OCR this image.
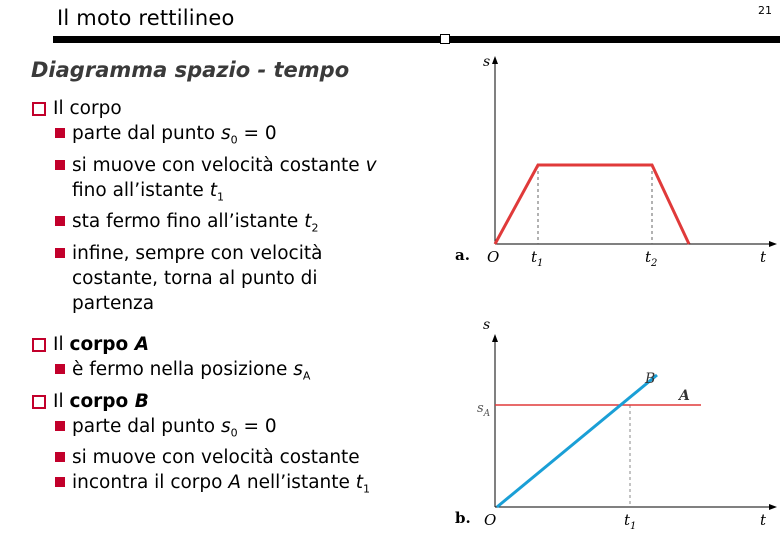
Il moto rettilineo	21
Diagramma spazio - tempo
Il corpo
parte dal punto $s_0 = 0$
si muove con velocità costante v
fino all’istante $t_1$
sta fermo fino all’istante $t_2$
infine, sempre con velocità
costante, torna al punto di
partenza
Il corpo A
è fermo nella posizione $s_A$
Il corpo B
parte dal punto $s_0 = 0$
si muove con velocità costante
incontra il corpo A nell’istante $t_1$
s
t
a. O $t_1$	$t_2$
s
t
b. O
$s_A$
A
B
$t_1$
